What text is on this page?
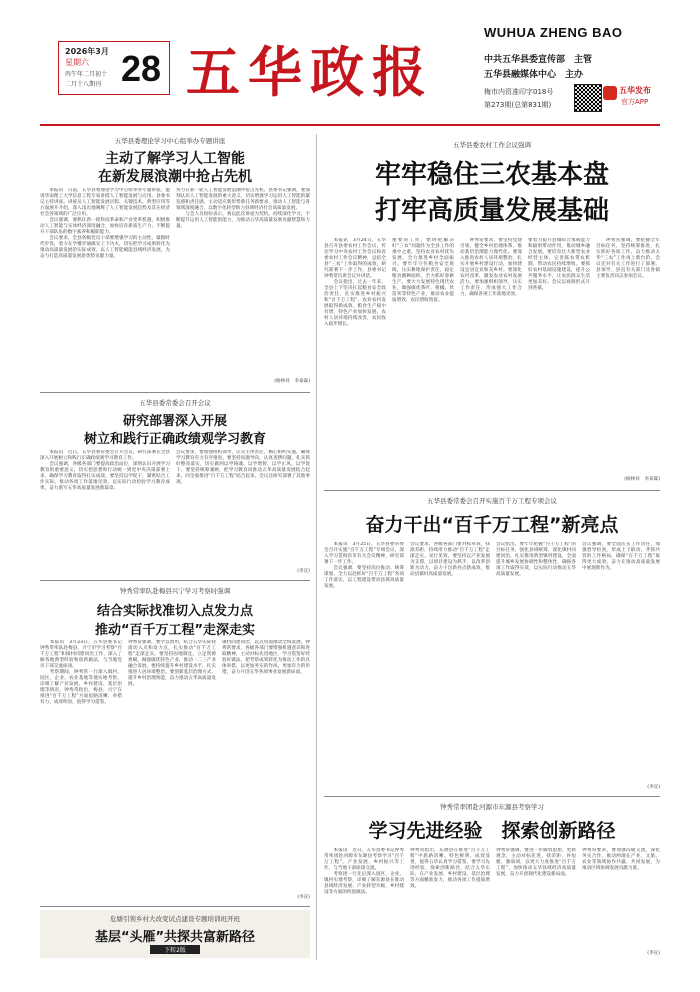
2026年3月
星期六
丙午年二月初十
二月十八期刊 28 五华政报
WUHUA ZHENG BAO
中共五华县委宣传部　主管
五华县融媒体中心　主办
梅市内资准印字018号
第273期(总第831期)
五华发布
官方APP
五华县委理论学习中心组举办专题讲座
主动了解学习人工智能
在新发展浪潮中抢占先机
　　本报讯　日前，五华县委理论学习中心组举办专题讲座，邀请华南理工大学信息工程专家讲授人工智能发展与应用。县委书记主持讲座。讲座从人工智能发展历程、关键技术、典型应用等方面展开介绍，深入浅出地阐释了人工智能发展趋势及其在经济社会各领域的广泛应用。
　　会议强调，要抓住新一轮科技革命和产业变革机遇，积极推动人工智能与实体经济深度融合，加快培育新质生产力，不断提升干部队伍的数字素养和履职能力。
　　会议要求，全县各级党员干部要增强学习的主动性，紧跟时代步伐，着力在学懂弄通做实上下功夫，切实把学习成果转化为推动高质量发展的实际成效，以人工智能赋能县域经济发展，为奋力打造高质量发展新优势贡献力量。
努力在新一轮人工智能发展浪潮中抢占先机。县委书记强调，要深刻认识人工智能发展的重大意义，切实增强学习运用人工智能的紧迫感和责任感，主动适应新形势新任务新要求，推动人工智能与各领域深度融合，以数字化转型助力县域经济社会高质量发展。
　　与会人员纷纷表示，将以此次讲座为契机，持续深化学习，不断提升运用人工智能的能力，为推动五华高质量发展贡献智慧和力量。
(杨林祥　李泰霖)
五华县委常委会召开会议
研究部署深入开展
树立和践行正确政绩观学习教育
　　本报讯　近日，五华县委常委会召开会议，研究部署在全县深入开展树立和践行正确政绩观学习教育工作。
　　会议强调，各级各部门要提高政治站位，深刻认识开展学习教育的重要意义，切实把思想和行动统一到党中央决策部署上来，确保学习教育取得扎实成效。要坚持以学促干，紧密结合工作实际，推动各项工作落地见效，以实际行动检验学习教育成果，奋力谱写五华高质量发展新篇章。
会议要求，要加强组织领导，压实主体责任，精心组织实施，确保学习教育有力有序推进。要坚持问题导向，认真查摆问题，扎实抓好整改落实，切实做到以学铸魂、以学增智、以学正风、以学促干。要坚持统筹兼顾，把学习教育同推动五华高质量发展结合起来，同全面推进“百千万工程”结合起来。会议还研究部署了其他事项。
(李宣)
钟秀常率队赴梅县兴宁学习考察时强调
结合实际找准切入点发力点
推动“百千万工程”走深走实
　　本报讯　3月23日，五华县委书记钟秀常率队赴梅县、兴宁市学习考察“百千万工程”和镇村同建同治工作，深入了解各地典型经验和创新做法，与当地党员干部交流座谈。
　　考察期间，钟秀常一行深入镇村、园区、企业、农业基地等地实地考察，详细了解产业发展、乡村建设、基层治理等情况。钟秀常指出，梅县、兴宁在推进“百千万工程”方面思路清晰、举措有力、成效明显，值得学习借鉴。
钟秀常强调，要学以致用，结合五华实际找准切入点和发力点，扎实推动“百千万工程”走深走实。要坚持因地制宜，立足资源禀赋，做强做优特色产业，推动一二三产业融合发展。要持续提升乡村建设水平，扎实推进人居环境整治。要创新基层治理方式，提升乡村治理效能，奋力推动五华高质量发展。
镇村同建同治，以点带面推动全域发展。钟秀常要求，各级各部门要增强机遇意识和进取精神，主动对标先进地区，学习借鉴好经验好做法，把考察成果转化为推动工作的具体举措，以更加务实的作风、更加有力的举措，奋力开创五华各项事业发展新局面。
(李宣)
危塘引领乡村大改变试点建设专题培训班开班
基层“头雁”共探共富新路径
下转2版
五华县委农村工作会议强调
牢牢稳住三农基本盘
打牢高质量发展基础
　　本报讯　3月24日，五华县召开县委农村工作会议，传达学习中央农村工作会议和省委农村工作会议精神，总结全县“三农”工作取得的成效，研究部署下一步工作。县委书记钟秀常出席会议并讲话。
　　会议指出，过去一年来，全县上下坚决扛起粮食安全政治责任，扎实推进乡村振兴和“百千万工程”，农业农村发展取得新成效。粮食生产稳中有增，特色产业加快发展，农村人居环境持续改善，农民收入稳步增长。
重要的工作，始终把解决好“三农”问题作为全县工作的重中之重，坚持农业农村优先发展，全力推进乡村全面振兴。要牢牢守住粮食安全底线，压实耕地保护责任，稳定粮食播种面积，全力抓好春耕生产。要大力发展特色现代农业，做强做优茶叶、柑橘、丝苗米等特色产业，推动农业提质增效、农民增收致富。
　　钟秀常要求，要坚持党建引领，健全乡村治理体系，推动基层治理能力现代化。要深入推进农村人居环境整治，扎实开展乡村建设行动，加快建设宜居宜业和美乡村。要深化农村改革，激发农业农村发展活力。要加强组织领导，压实工作责任，形成强大工作合力，确保各项工作落地见效。
要着力提升县城综合承载能力和辐射带动作用，推动城乡融合发展。要培育壮大新型农业经营主体，完善联农带农机制，带动农民持续增收。要抓好农村基础设施建设，提升公共服务水平，让农民群众生活更加美好。会议以视频形式开到各镇。
　　钟秀常强调，要把握全年目标任务，坚持统筹推进，扎实抓好各项工作，奋力推动五华“三农”工作再上新台阶。会议还对有关工作进行了部署。县领导、县直有关部门及各镇主要负责同志参加会议。
(杨林祥　李泰霖)
五华县委常委会召开实施百千万工程专项会议
奋力干出“百千万工程”新亮点
　　本报讯　3月25日，五华县委常委会召开实施“百千万工程”专项会议，深入学习贯彻省市有关会议精神，研究部署下一步工作。
　　会议强调，要坚持高位推动、统筹谋划，全力以赴抓好“百千万工程”各项工作落实，以工程建设带动县域高质量发展。
会议要求，各级各部门要对标对表，找准差距，持续用力推动“百千万工程”走深走实、见行见效。要坚持以产业发展为支撑，以项目建设为抓手，以改革创新为动力，奋力干出新亮点新成效，推动县镇村高质量发展。
会议指出，要牢牢把握“百千万工程”的目标任务，强化县域统筹，深化镇村同建同治，扎实推进典型镇村建设，全面提升城乡发展协调性和整体性，确保各项工作取得实效，以实际行动推动五华高质量发展。
会议强调，要全面压实工作责任，加强督导检查，形成上下联动、齐抓共管的工作格局，确保“百千万工程”取得更大成效，奋力在推动高质量发展中展现新作为。
(李宣)
钟秀常率团赴河源市东源县考察学习
学习先进经验　探索创新路径
　　本报讯　近日，五华县委书记钟秀常率团赴河源市东源县考察学习“百千万工程”、产业发展、乡村振兴等工作，与当地干部座谈交流。
　　考察团一行先后深入园区、企业、镇村实地考察，详细了解东源县在推动县域经济发展、产业转型升级、乡村建设等方面的经验做法。
钟秀常指出，东源县在推进“百千万工程”中思路清晰、特色鲜明、成效显著，值得五华认真学习借鉴。要学习先进经验，探索创新路径，结合五华实际，在产业发展、乡村建设、基层治理等方面精准发力，推动各项工作提质增效。
钟秀常强调，要进一步解放思想、更新观念，主动对标先进，找差距、补短板、强弱项，以更大力度推进“百千万工程”，加快推动五华县域经济高质量发展，奋力开创现代化建设新局面。
钟秀常要求，要加强沟通交流，深化务实合作，推动两地在产业、文旅、农业等领域协作共赢、共同发展，为推动区域协调发展贡献力量。
(李宣)
